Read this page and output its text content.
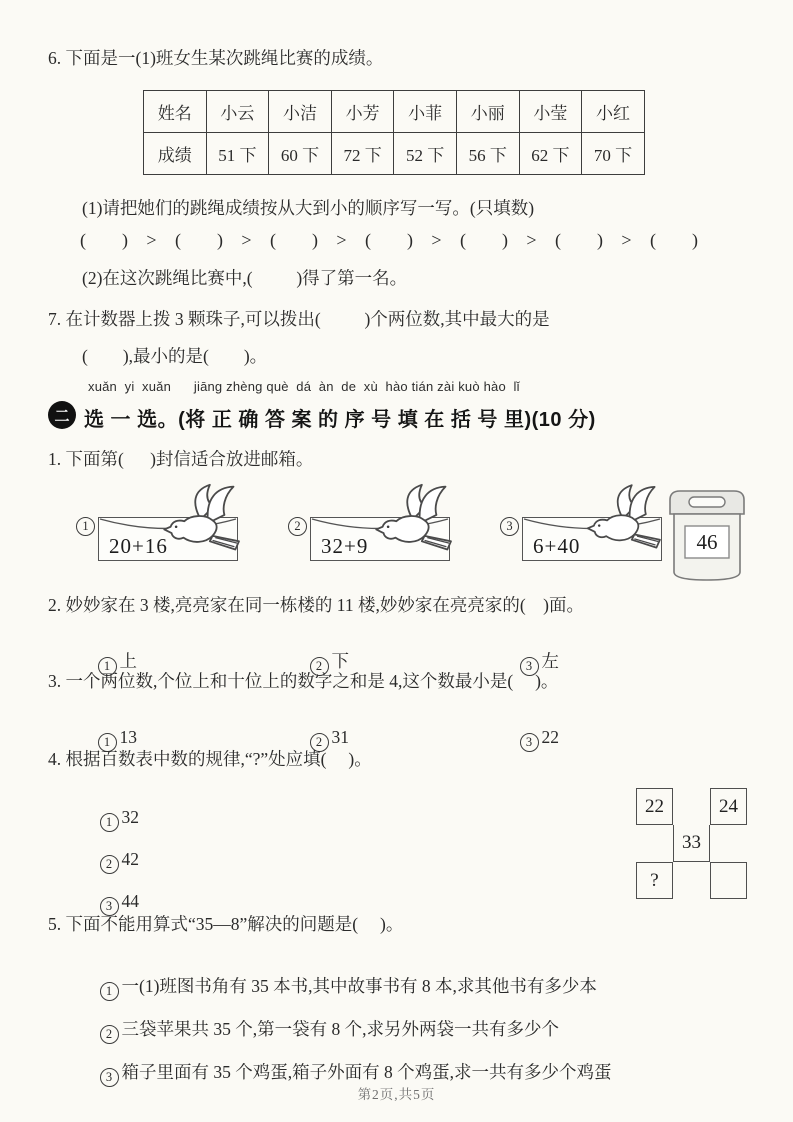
6. 下面是一(1)班女生某次跳绳比赛的成绩。
姓名	小云	小洁	小芳	小菲	小丽	小莹	小红
成绩	51 下	60 下	72 下	52 下	56 下	62 下	70 下
(1)请把她们的跳绳成绩按从大到小的顺序写一写。(只填数)
(        ) > (        ) > (        ) > (        ) > (        ) > (        ) > (        )
(2)在这次跳绳比赛中,(          )得了第一名。
7. 在计数器上拨 3 颗珠子,可以拨出(          )个两位数,其中最大的是
(        ),最小的是(        )。
xuǎn  yi  xuǎn      jiāng zhèng què  dá  àn  de  xù  hào tián zài kuò hào  lǐ
二 选 一 选。(将 正 确 答 案 的 序 号 填 在 括 号 里)(10 分)
1. 下面第(      )封信适合放进邮箱。
1
20+16
2
32+9
3
6+40	46
2. 妙妙家在 3 楼,亮亮家在同一栋楼的 11 楼,妙妙家在亮亮家的(    )面。

1 上
	2 下
	3 左

3. 一个两位数,个位上和十位上的数字之和是 4,这个数最小是(     )。

1 13
	2 31
	3 22

4. 根据百数表中数的规律,“?”处应填(     )。

1 32

2 42

3 44

22	24
33
?
5. 下面不能用算式“35—8”解决的问题是(     )。

1 一(1)班图书角有 35 本书,其中故事书有 8 本,求其他书有多少本

2 三袋苹果共 35 个,第一袋有 8 个,求另外两袋一共有多少个

3 箱子里面有 35 个鸡蛋,箱子外面有 8 个鸡蛋,求一共有多少个鸡蛋

第2页,共5页
